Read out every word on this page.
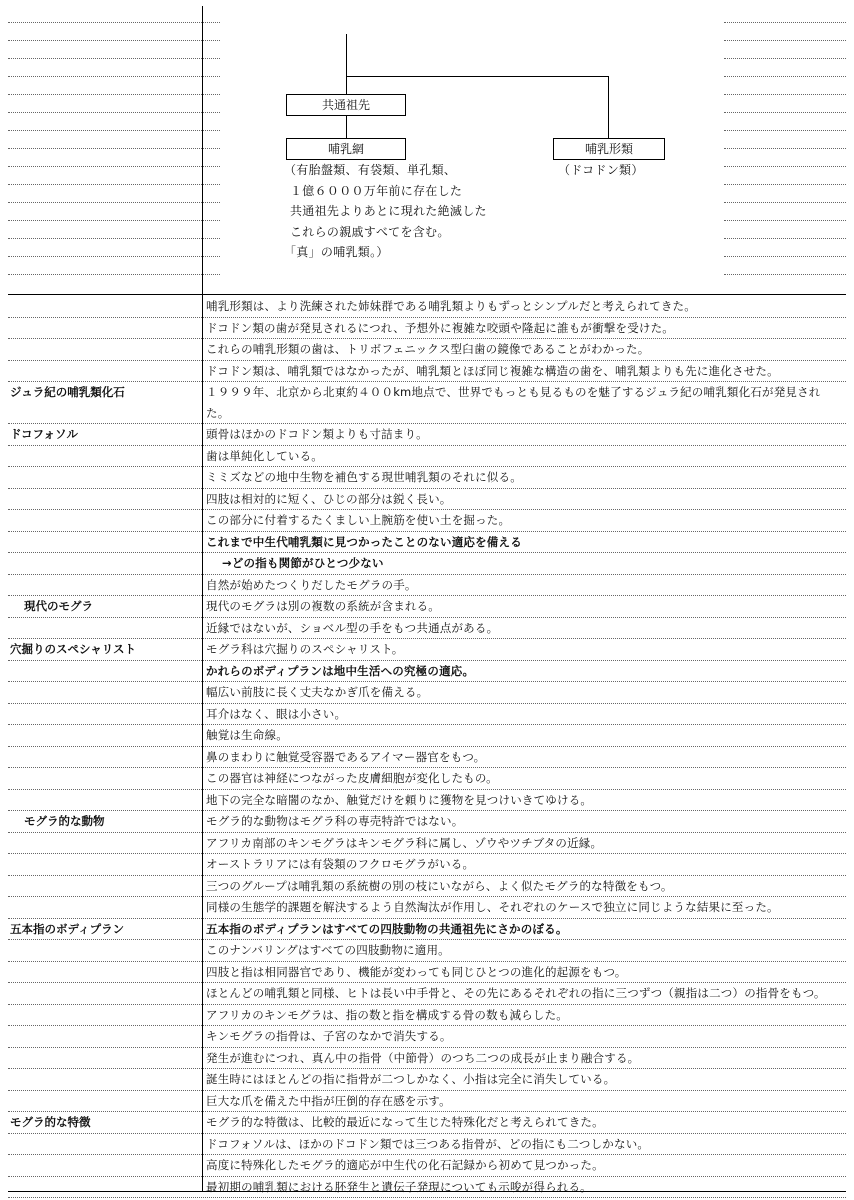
共通祖先
哺乳網	哺乳形類
（有胎盤類、有袋類、単孔類、
１億６０００万年前に存在した
共通祖先よりあとに現れた絶滅した
これらの親戚すべてを含む。
「真」の哺乳類。）
（ドコドン類）
哺乳形類は、より洗練された姉妹群である哺乳類よりもずっとシンプルだと考えられてきた。
ドコドン類の歯が発見されるにつれ、予想外に複雑な咬頭や隆起に誰もが衝撃を受けた。
これらの哺乳形類の歯は、トリボフェニックス型臼歯の鏡像であることがわかった。
ドコドン類は、哺乳類ではなかったが、哺乳類とほぼ同じ複雑な構造の歯を、哺乳類よりも先に進化させた。
ジュラ紀の哺乳類化石	１９９９年、北京から北東約４００km地点で、世界でもっとも見るものを魅了するジュラ紀の哺乳類化石が発見された。
ドコフォソル	頭骨はほかのドコドン類よりも寸詰まり。
歯は単純化している。
ミミズなどの地中生物を補色する現世哺乳類のそれに似る。
四肢は相対的に短く、ひじの部分は鋭く長い。
この部分に付着するたくましい上腕筋を使い土を掘った。
これまで中生代哺乳類に見つかったことのない適応を備える
→どの指も関節がひとつ少ない
自然が始めたつくりだしたモグラの手。
現代のモグラ	現代のモグラは別の複数の系統が含まれる。
近縁ではないが、ショベル型の手をもつ共通点がある。
穴掘りのスペシャリスト	モグラ科は穴掘りのスペシャリスト。
かれらのボディプランは地中生活への究極の適応。
幅広い前肢に長く丈夫なかぎ爪を備える。
耳介はなく、眼は小さい。
触覚は生命線。
鼻のまわりに触覚受容器であるアイマー器官をもつ。
この器官は神経につながった皮膚細胞が変化したもの。
地下の完全な暗闇のなか、触覚だけを頼りに獲物を見つけいきてゆける。
モグラ的な動物	モグラ的な動物はモグラ科の専売特許ではない。
アフリカ南部のキンモグラはキンモグラ科に属し、ゾウやツチブタの近縁。
オーストラリアには有袋類のフクロモグラがいる。
三つのグループは哺乳類の系統樹の別の枝にいながら、よく似たモグラ的な特徴をもつ。
同様の生態学的課題を解決するよう自然淘汰が作用し、それぞれのケースで独立に同じような結果に至った。
五本指のボディプラン	五本指のボディプランはすべての四肢動物の共通祖先にさかのぼる。
このナンバリングはすべての四肢動物に適用。
四肢と指は相同器官であり、機能が変わっても同じひとつの進化的起源をもつ。
ほとんどの哺乳類と同様、ヒトは長い中手骨と、その先にあるそれぞれの指に三つずつ（親指は二つ）の指骨をもつ。
アフリカのキンモグラは、指の数と指を構成する骨の数も減らした。
キンモグラの指骨は、子宮のなかで消失する。
発生が進むにつれ、真ん中の指骨（中節骨）のつち二つの成長が止まり融合する。
誕生時にはほとんどの指に指骨が二つしかなく、小指は完全に消失している。
巨大な爪を備えた中指が圧倒的存在感を示す。
モグラ的な特徴	モグラ的な特徴は、比較的最近になって生じた特殊化だと考えられてきた。
ドコフォソルは、ほかのドコドン類では三つある指骨が、どの指にも二つしかない。
高度に特殊化したモグラ的適応が中生代の化石記録から初めて見つかった。
最初期の哺乳類における胚発生と遺伝子発現についても示唆が得られる。
